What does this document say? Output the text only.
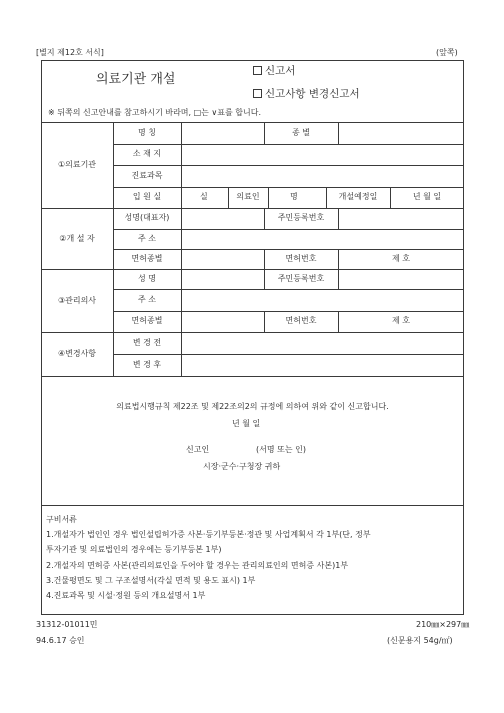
[별지 제12호 서식]	(앞쪽)
의료기관 개설
신고서
신고사항 변경신고서
※ 뒤쪽의 신고안내를 참고하시기 바라며, □는 ∨표를 합니다.
①의료기관
명 칭	종 별
소 재 지
진료과목
입 원 실	실	의료인	명	개설예정일	년 월 일
②개 설 자
성명(대표자)	주민등록번호
주 소
면허종별	면허번호	제 호
③관리의사
성 명	주민등록번호
주 소
면허종별	면허번호	제 호
④변경사항
변 경 전
변 경 후
의료법시행규칙 제22조 및 제22조의2의 규정에 의하여 위와 같이 신고합니다.
년 월 일
신고인	(서명 또는 인)
시장·군수·구청장 귀하
구비서류
1.개설자가 법인인 경우 법인설립허가증 사본·등기부등본·정관 및 사업계획서 각 1부(단, 정부
투자기관 및 의료법인의 경우에는 등기부등본 1부)
2.개설자의 면허증 사본(관리의료인을 두어야 할 경우는 관리의료인의 면허증 사본)1부
3.건물평면도 및 그 구조설명서(각실 면적 및 용도 표시) 1부
4.진료과목 및 시설·정원 등의 개요설명서 1부
31312-01011민	210㎜×297㎜
94.6.17 승인	(신문용지 54g/㎡)
